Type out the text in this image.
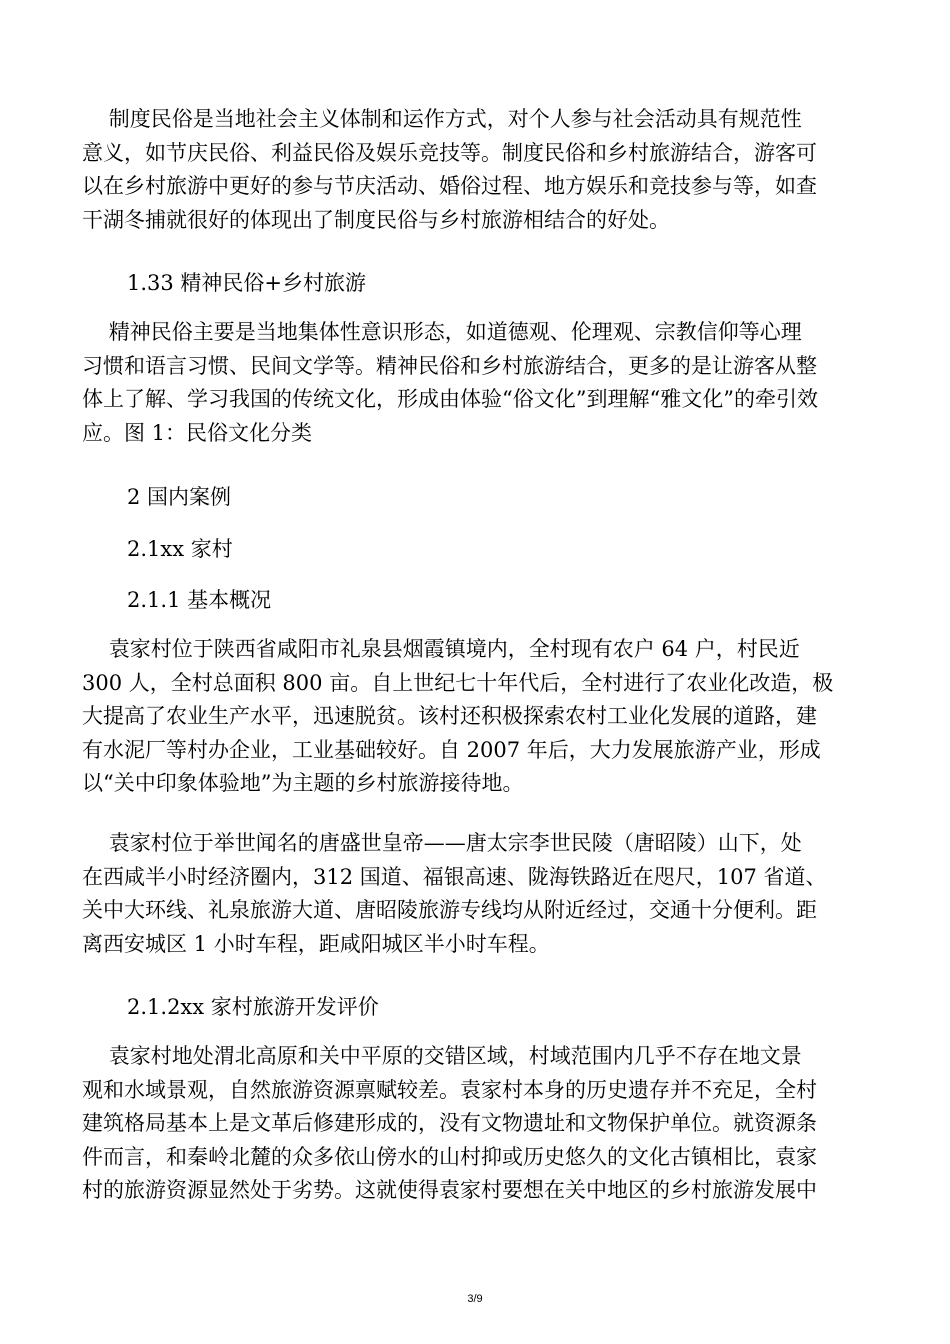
制度民俗是当地社会主义体制和运作方式，对个人参与社会活动具有规范性
意义，如节庆民俗、利益民俗及娱乐竞技等。制度民俗和乡村旅游结合，游客可
以在乡村旅游中更好的参与节庆活动、婚俗过程、地方娱乐和竞技参与等，如查
干湖冬捕就很好的体现出了制度民俗与乡村旅游相结合的好处。
1.33 精神民俗+乡村旅游
精神民俗主要是当地集体性意识形态，如道德观、伦理观、宗教信仰等心理
习惯和语言习惯、民间文学等。精神民俗和乡村旅游结合，更多的是让游客从整
体上了解、学习我国的传统文化，形成由体验“俗文化”到理解“雅文化”的牵引效
应。图 1：民俗文化分类
2 国内案例
2.1xx 家村
2.1.1 基本概况
袁家村位于陕西省咸阳市礼泉县烟霞镇境内，全村现有农户 64 户，村民近
300 人，全村总面积 800 亩。自上世纪七十年代后，全村进行了农业化改造，极
大提高了农业生产水平，迅速脱贫。该村还积极探索农村工业化发展的道路，建
有水泥厂等村办企业，工业基础较好。自 2007 年后，大力发展旅游产业，形成
以“关中印象体验地”为主题的乡村旅游接待地。
袁家村位于举世闻名的唐盛世皇帝——唐太宗李世民陵（唐昭陵）山下，处
在西咸半小时经济圈内，312 国道、福银高速、陇海铁路近在咫尺，107 省道、
关中大环线、礼泉旅游大道、唐昭陵旅游专线均从附近经过，交通十分便利。距
离西安城区 1 小时车程，距咸阳城区半小时车程。
2.1.2xx 家村旅游开发评价
袁家村地处渭北高原和关中平原的交错区域，村域范围内几乎不存在地文景
观和水域景观，自然旅游资源禀赋较差。袁家村本身的历史遗存并不充足，全村
建筑格局基本上是文革后修建形成的，没有文物遗址和文物保护单位。就资源条
件而言，和秦岭北麓的众多依山傍水的山村抑或历史悠久的文化古镇相比，袁家
村的旅游资源显然处于劣势。这就使得袁家村要想在关中地区的乡村旅游发展中
3/9
